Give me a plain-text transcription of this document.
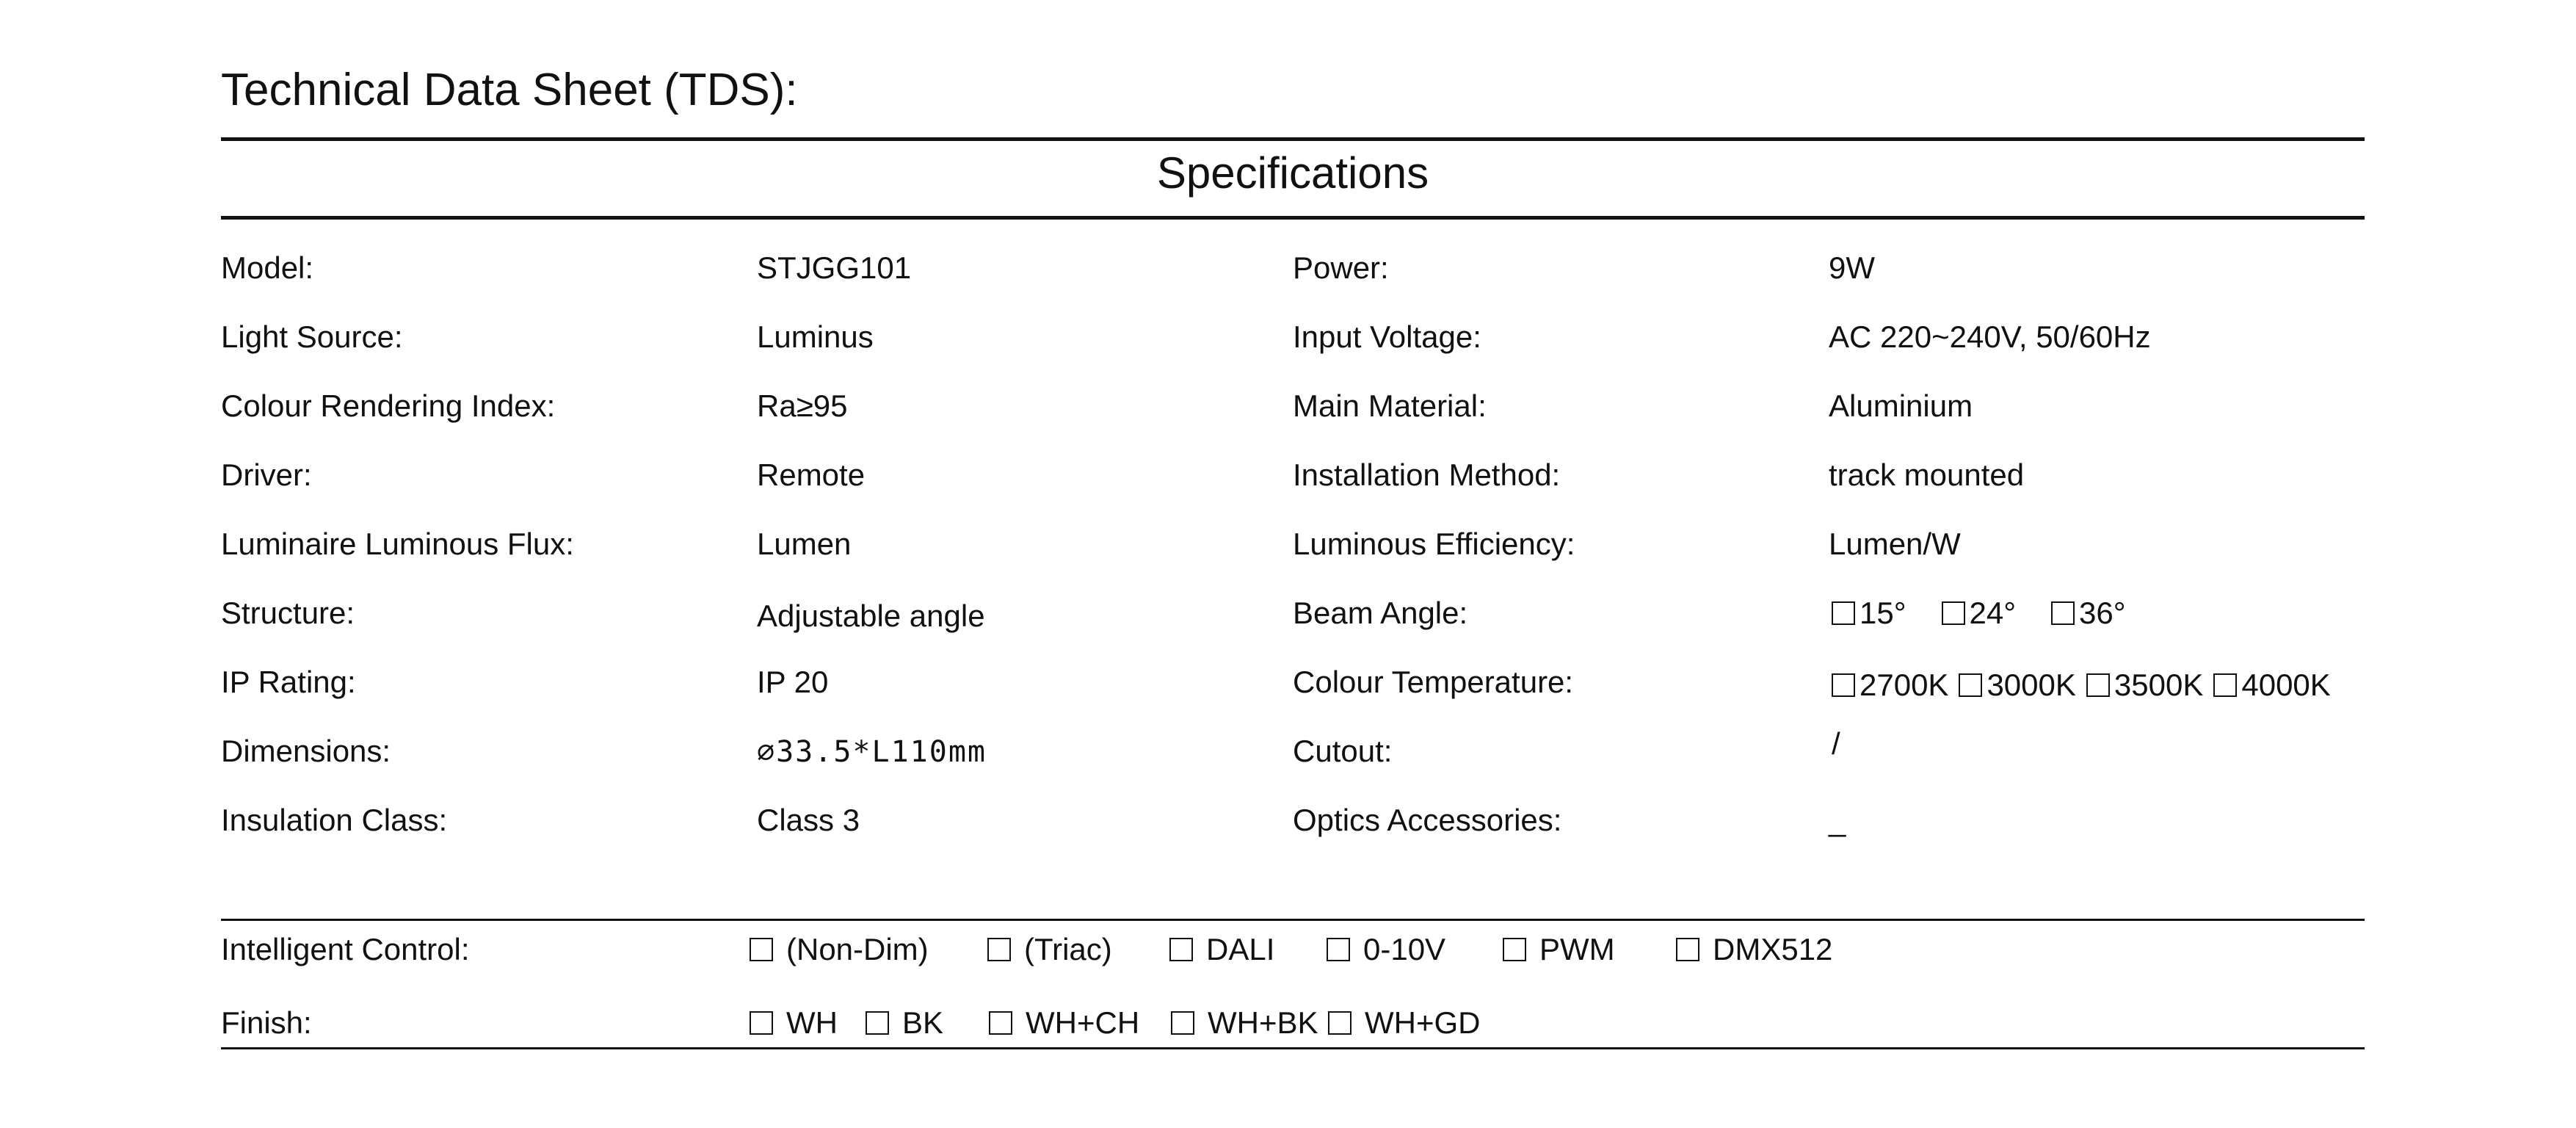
Technical Data Sheet (TDS):
Specifications
Model:	STJGG101	Power:	9W
Light Source:	Luminus	Input Voltage:	AC 220~240V, 50/60Hz
Colour Rendering Index:	Ra≥95	Main Material:	Aluminium
Driver:	Remote	Installation Method:	track mounted
Luminaire Luminous Flux:	Lumen	Luminous Efficiency:	Lumen/W
Structure:	Adjustable angle	Beam Angle:	15° 24° 36°
IP Rating:	IP 20	Colour Temperature:	2700K 3000K 3500K 4000K
Dimensions:	∅33.5*L110mm	Cutout:	/
Insulation Class:	Class 3	Optics Accessories:	_
Intelligent Control:	(Non-Dim)	(Triac)	DALI	0-10V	PWM	DMX512
Finish:	WH BK	WH+CH WH+BK WH+GD
